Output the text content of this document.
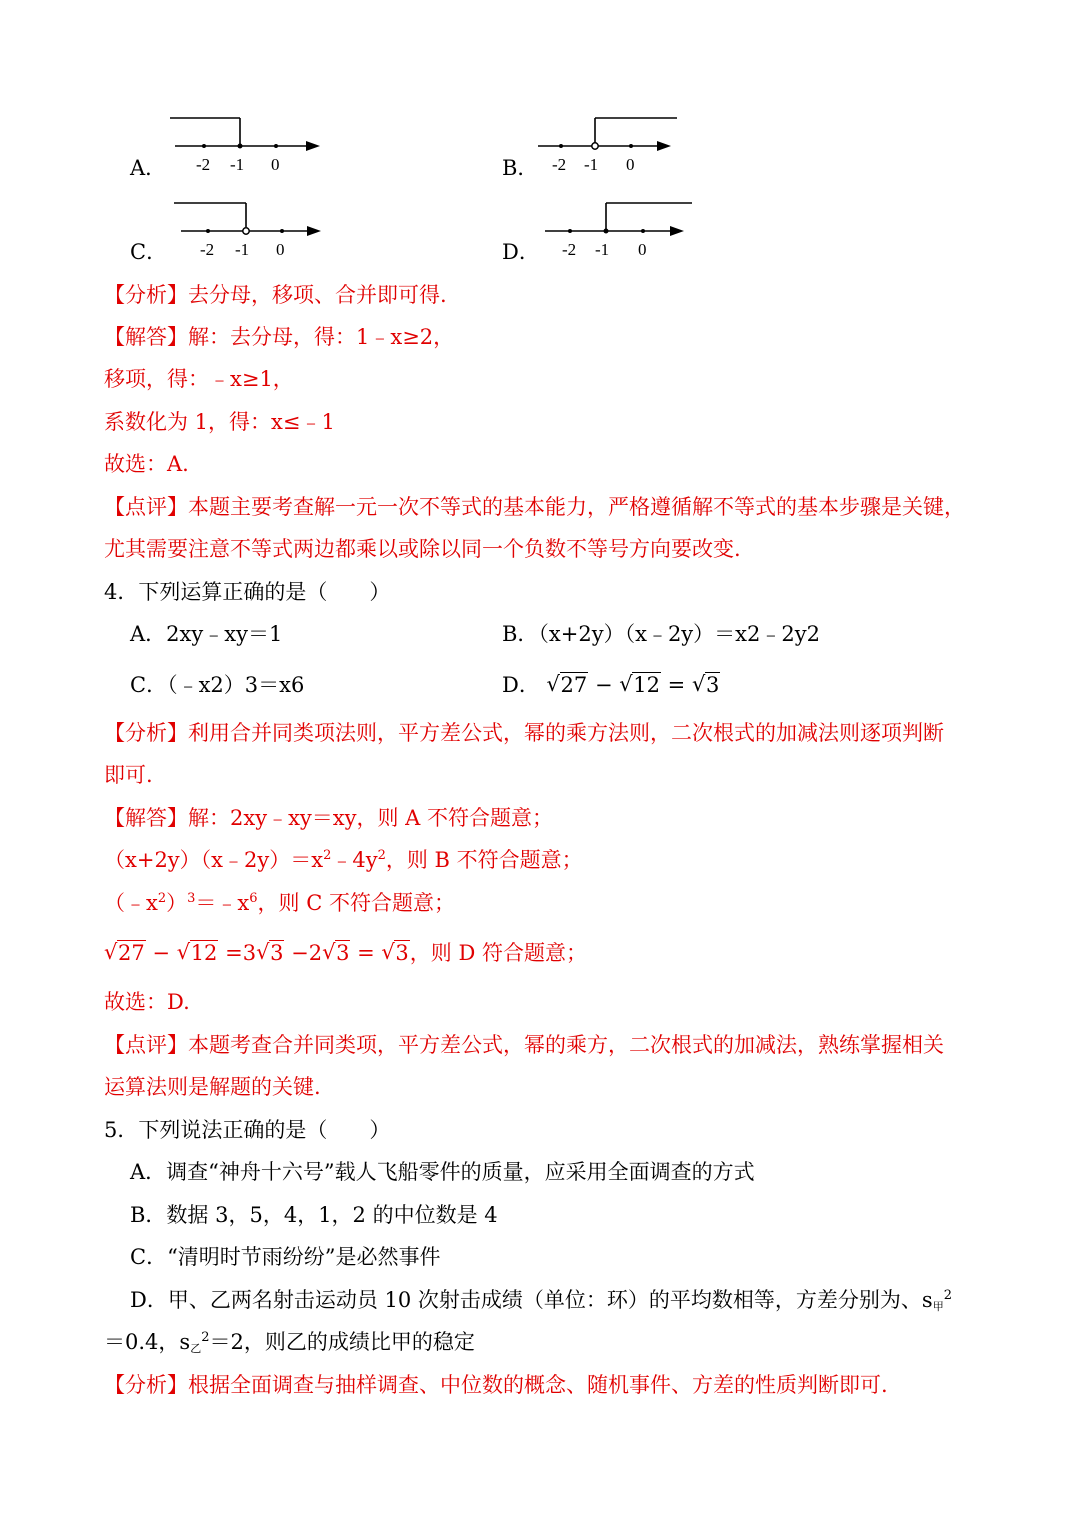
A． -2 -1 0	B． -2 -1 0
C． -2 -1 0	D． -2 -1 0
【分析】去分母，移项、合并即可得.
【解答】解：去分母，得：1﹣x≥2，
移项，得：﹣x≥1，
系数化为 1，得：x≤﹣1
故选：A.
【点评】本题主要考查解一元一次不等式的基本能力，严格遵循解不等式的基本步骤是关键，
尤其需要注意不等式两边都乘以或除以同一个负数不等号方向要改变.
4．下列运算正确的是（　　）
A．2xy﹣xy＝1	B．（x+2y）（x﹣2y）＝x2﹣2y2
C．（﹣x2）3＝x6	D． √ 27 − √ 12 = √ 3
【分析】利用合并同类项法则，平方差公式，幂的乘方法则，二次根式的加减法则逐项判断
即可.
【解答】解：2xy﹣xy＝xy，则 A 不符合题意；
$(x+2y)(x﹣2y)=x^2﹣4y^2$，则 B 不符合题意；
$(﹣x^2)^3=﹣x^6$，则 C 不符合题意；
√ 27 − √ 12 =3 √ 3 −2 √ 3 = √ 3，则 D 符合题意；
故选：D.
【点评】本题考查合并同类项，平方差公式，幂的乘方，二次根式的加减法，熟练掌握相关
运算法则是解题的关键.
5．下列说法正确的是（　　）
A．调查“神舟十六号”载人飞船零件的质量，应采用全面调查的方式
B．数据 3，5，4，1，2 的中位数是 4
C．“清明时节雨纷纷”是必然事件
D．甲、乙两名射击运动员 10 次射击成绩（单位：环）的平均数相等，方差分别为、$s_甲^2$
＝0.4，$s_乙^2=2$，则乙的成绩比甲的稳定
【分析】根据全面调查与抽样调查、中位数的概念、随机事件、方差的性质判断即可.
